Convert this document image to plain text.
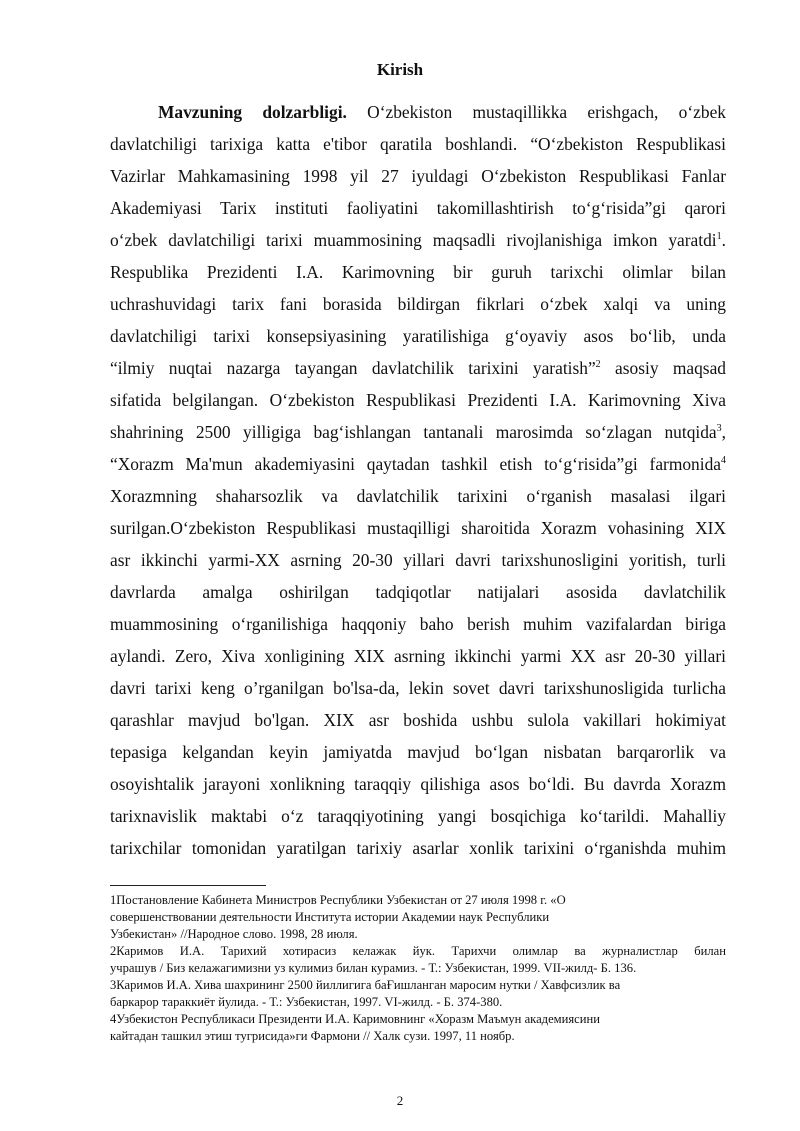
Kirish
Mavzuning dolzarbligi. O‘zbekiston mustaqillikka erishgach, o‘zbek
davlatchiligi tarixiga katta e'tibor qaratila boshlandi. “O‘zbekiston Respublikasi
Vazirlar Mahkamasining 1998 yil 27 iyuldagi O‘zbekiston Respublikasi Fanlar
Akademiyasi Tarix instituti faoliyatini takomillashtirish to‘g‘risida”gi qarori
o‘zbek davlatchiligi tarixi muammosining maqsadli rivojlanishiga imkon yaratdi$^1$.
Respublika Prezidenti I.A. Karimovning bir guruh tarixchi olimlar bilan
uchrashuvidagi tarix fani borasida bildirgan fikrlari o‘zbek xalqi va uning
davlatchiligi tarixi konsepsiyasining yaratilishiga g‘oyaviy asos bo‘lib, unda
“ilmiy nuqtai nazarga tayangan davlatchilik tarixini yaratish”$^2$ asosiy maqsad
sifatida belgilangan. O‘zbekiston Respublikasi Prezidenti I.A. Karimovning Xiva
shahrining 2500 yilligiga bag‘ishlangan tantanali marosimda so‘zlagan nutqida$^3$,
“Xorazm Ma'mun akademiyasini qaytadan tashkil etish to‘g‘risida”gi farmonida$^4$
Xorazmning shaharsozlik va davlatchilik tarixini o‘rganish masalasi ilgari
surilgan.O‘zbekiston Respublikasi mustaqilligi sharoitida Xorazm vohasining XIX
asr ikkinchi yarmi-XX asrning 20-30 yillari davri tarixshunosligini yoritish, turli
davrlarda amalga oshirilgan tadqiqotlar natijalari asosida davlatchilik
muammosining o‘rganilishiga haqqoniy baho berish muhim vazifalardan biriga
aylandi. Zero, Xiva xonligining XIX asrning ikkinchi yarmi XX asr 20-30 yillari
davri tarixi keng o’rganilgan bo'lsa-da, lekin sovet davri tarixshunosligida turlicha
qarashlar mavjud bo'lgan. XIX asr boshida ushbu sulola vakillari hokimiyat
tepasiga kelgandan keyin jamiyatda mavjud bo‘lgan nisbatan barqarorlik va
osoyishtalik jarayoni xonlikning taraqqiy qilishiga asos bo‘ldi. Bu davrda Xorazm
tarixnavislik maktabi o‘z taraqqiyotining yangi bosqichiga ko‘tarildi. Mahalliy
tarixchilar tomonidan yaratilgan tarixiy asarlar xonlik tarixini o‘rganishda muhim
1Постановление Кабинета Министров Республики Узбекистан от 27 июля 1998 г. «О
совершенствовании деятельности Института истории Академии наук Республики
Узбекистан» //Народное слово. 1998, 28 июля.
2Каримов И.А. Тарихий хотирасиз келажак йук. Тарихчи олимлар ва журналистлар билан
учрашув / Биз келажагимизни уз кулимиз билан курамиз. - Т.: Узбекистан, 1999. VII-жилд- Б. 136.
3Каримов И.А. Хива шахрининг 2500 йиллигига баҒишланган маросим нутки / Хавфсизлик ва
баркарор тараккиёт йулида. - Т.: Узбекистан, 1997. VI-жилд. - Б. 374-380.
4Узбекистон Республикаси Президенти И.А. Каримовнинг «Хоразм Маъмун академиясини
кайтадан ташкил этиш тугрисида»ги Фармони // Халк сузи. 1997, 11 ноябр.
2
